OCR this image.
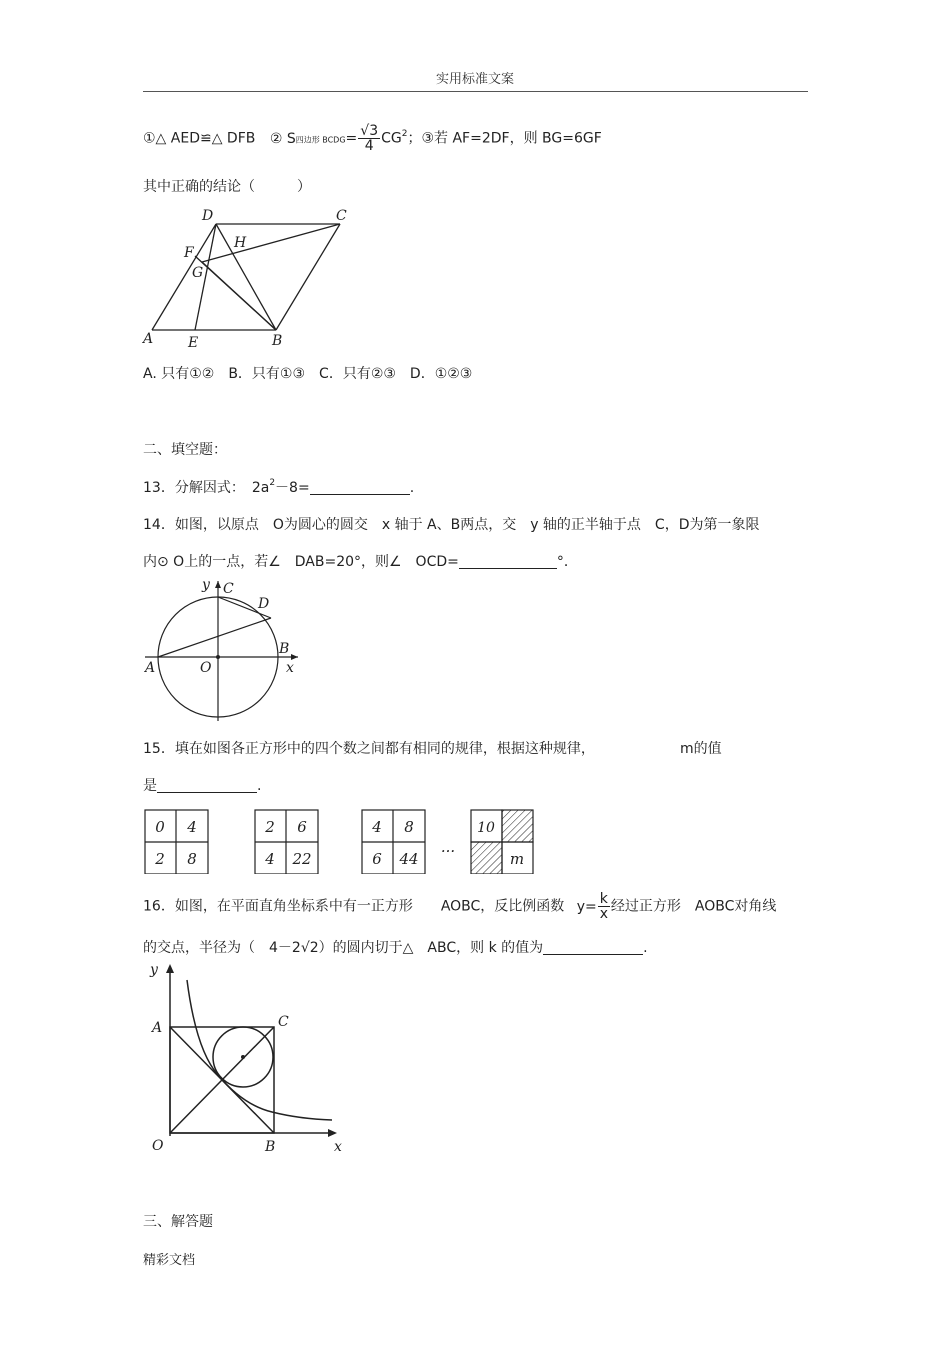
实用标准文案
①△ AED≌△ DFB ② S四边形 BCDG= $\frac{√3}{4} CG^2$；③若 AF=2DF，则 BG=6GF
其中正确的结论（　　　）
D	C
F
H
G
A E	B
A. 只有①②　B．只有①③　C．只有②③　D．①②③
二、填空题：
13．分解因式：　$2a^2-8=$	.
14．如图，以原点　O为圆心的圆交　x 轴于 A、B两点，交　y 轴的正半轴于点　C，D为第一象限
内⊙ O上的一点，若∠　DAB=20°，则∠　OCD=	°．
y C
D
A	O
B
x
15．填在如图各正方形中的四个数之间都有相同的规律，根据这种规律，	m的值
是	.
0 4
2 8
2 6
4 22
4 8
6 44 ···
10
m
16．如图，在平面直角坐标系中有一正方形　　AOBC，反比例函数 $y= \frac{k}{x}$ 经过正方形　AOBC对角线
的交点，半径为（　4－2√2）的圆内切于△　ABC，则 k 的值为	.
y
A	C
O	B	x
三、解答题
精彩文档
